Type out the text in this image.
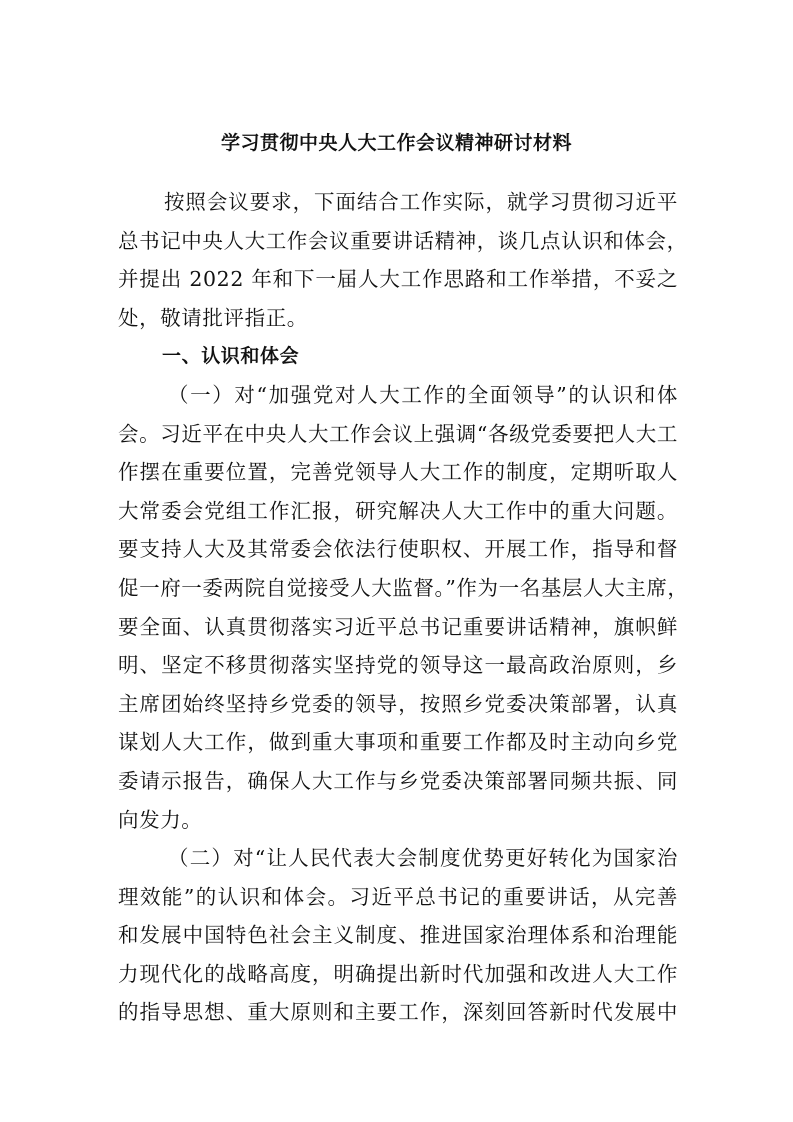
学习贯彻中央人大工作会议精神研讨材料

按照会议要求，下面结合工作实际，就学习贯彻习近平
总书记中央人大工作会议重要讲话精神，谈几点认识和体会，
并提出 2022 年和下一届人大工作思路和工作举措，不妥之
处，敬请批评指正。

一、认识和体会

（一）对“加强党对人大工作的全面领导”的认识和体
会。习近平在中央人大工作会议上强调“各级党委要把人大工
作摆在重要位置，完善党领导人大工作的制度，定期听取人
大常委会党组工作汇报，研究解决人大工作中的重大问题。
要支持人大及其常委会依法行使职权、开展工作，指导和督
促一府一委两院自觉接受人大监督。”作为一名基层人大主席，
要全面、认真贯彻落实习近平总书记重要讲话精神，旗帜鲜
明、坚定不移贯彻落实坚持党的领导这一最高政治原则，乡
主席团始终坚持乡党委的领导，按照乡党委决策部署，认真
谋划人大工作，做到重大事项和重要工作都及时主动向乡党
委请示报告，确保人大工作与乡党委决策部署同频共振、同
向发力。

（二）对“让人民代表大会制度优势更好转化为国家治
理效能”的认识和体会。习近平总书记的重要讲话，从完善
和发展中国特色社会主义制度、推进国家治理体系和治理能
力现代化的战略高度，明确提出新时代加强和改进人大工作
的指导思想、重大原则和主要工作，深刻回答新时代发展中
